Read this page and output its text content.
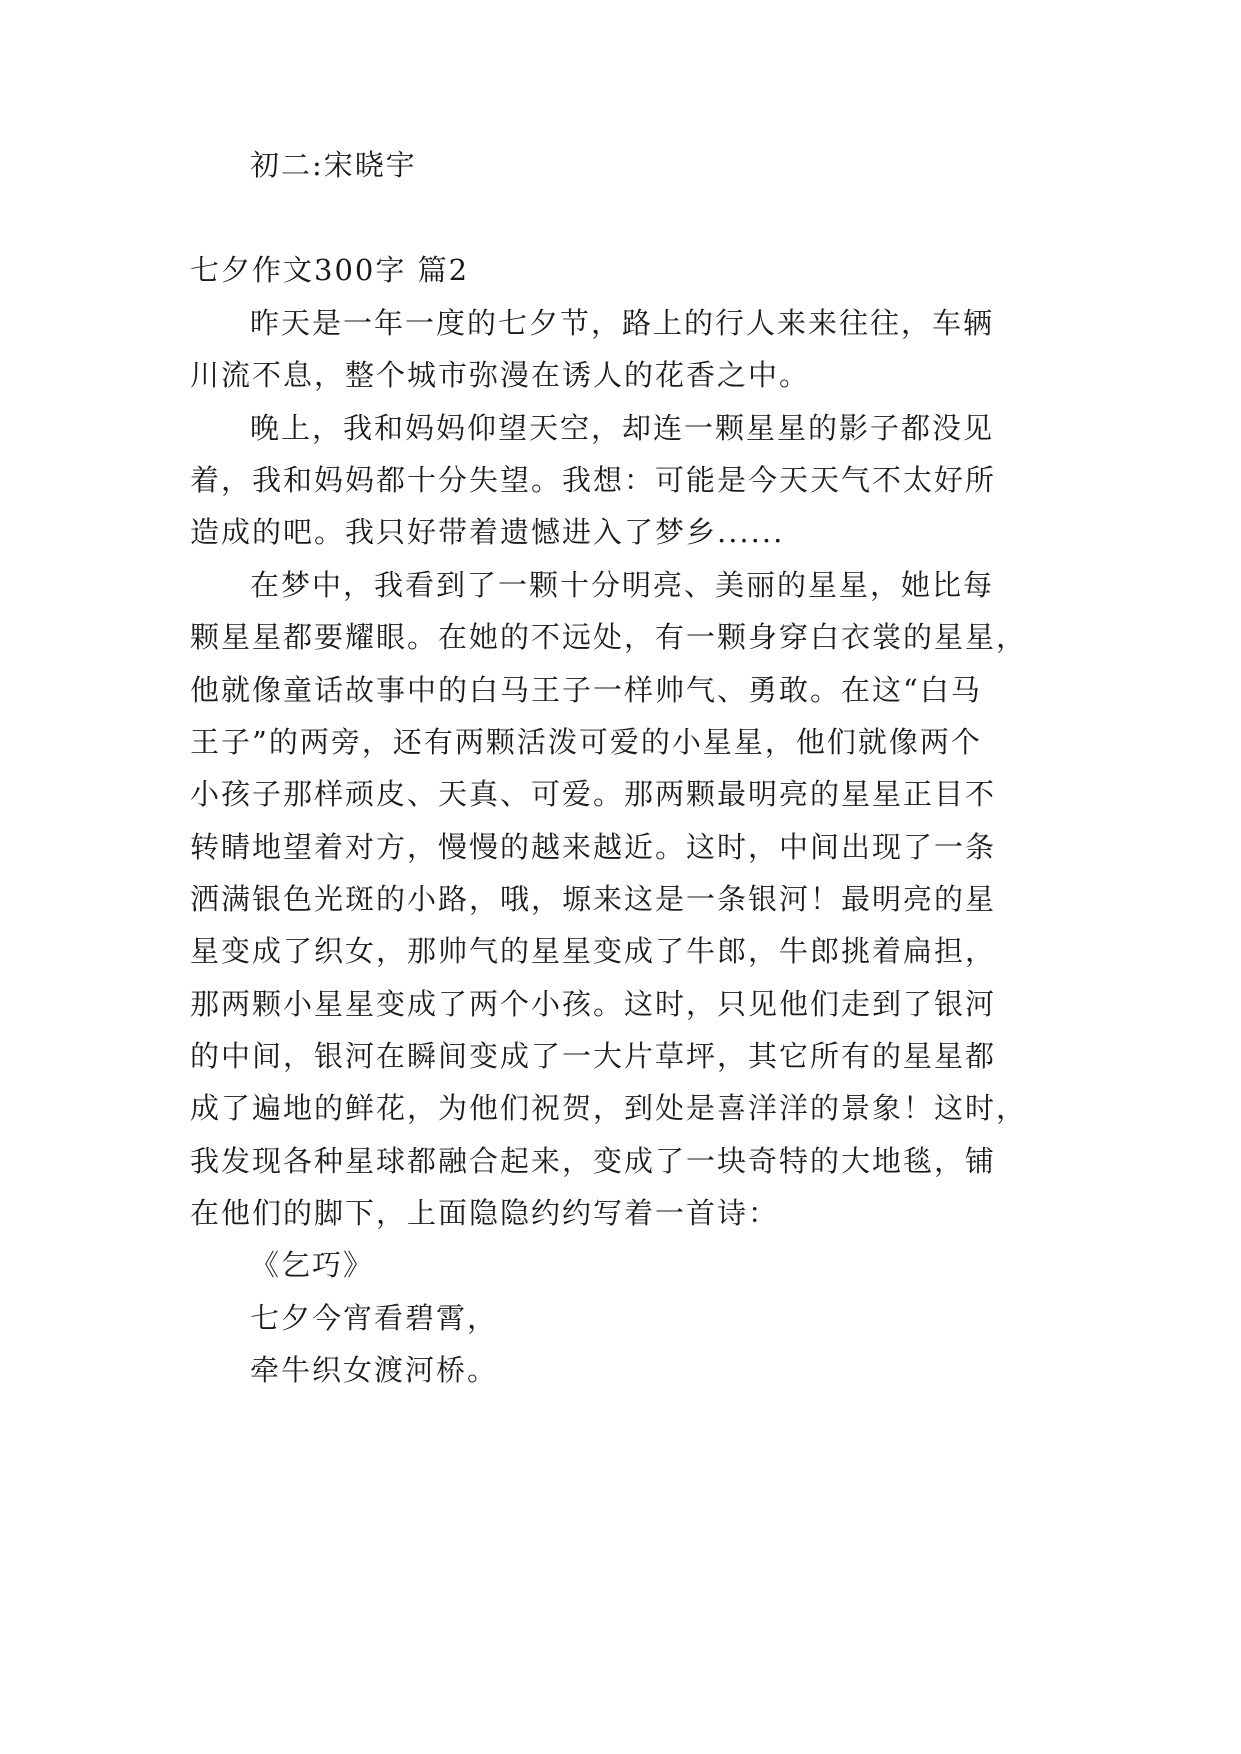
初二:宋晓宇
七夕作文300字 篇2
昨天是一年一度的七夕节，路上的行人来来往往，车辆
川流不息，整个城市弥漫在诱人的花香之中。
晚上，我和妈妈仰望天空，却连一颗星星的影子都没见
着，我和妈妈都十分失望。我想：可能是今天天气不太好所
造成的吧。我只好带着遗憾进入了梦乡......
在梦中，我看到了一颗十分明亮、美丽的星星，她比每
颗星星都要耀眼。在她的不远处，有一颗身穿白衣裳的星星，
他就像童话故事中的白马王子一样帅气、勇敢。在这“白马
王子”的两旁，还有两颗活泼可爱的小星星，他们就像两个
小孩子那样顽皮、天真、可爱。那两颗最明亮的星星正目不
转睛地望着对方，慢慢的越来越近。这时，中间出现了一条
洒满银色光斑的小路，哦，塬来这是一条银河！最明亮的星
星变成了织女，那帅气的星星变成了牛郎，牛郎挑着扁担，
那两颗小星星变成了两个小孩。这时，只见他们走到了银河
的中间，银河在瞬间变成了一大片草坪，其它所有的星星都
成了遍地的鲜花，为他们祝贺，到处是喜洋洋的景象！这时，
我发现各种星球都融合起来，变成了一块奇特的大地毯，铺
在他们的脚下，上面隐隐约约写着一首诗：
《乞巧》
七夕今宵看碧霄，
牵牛织女渡河桥。
